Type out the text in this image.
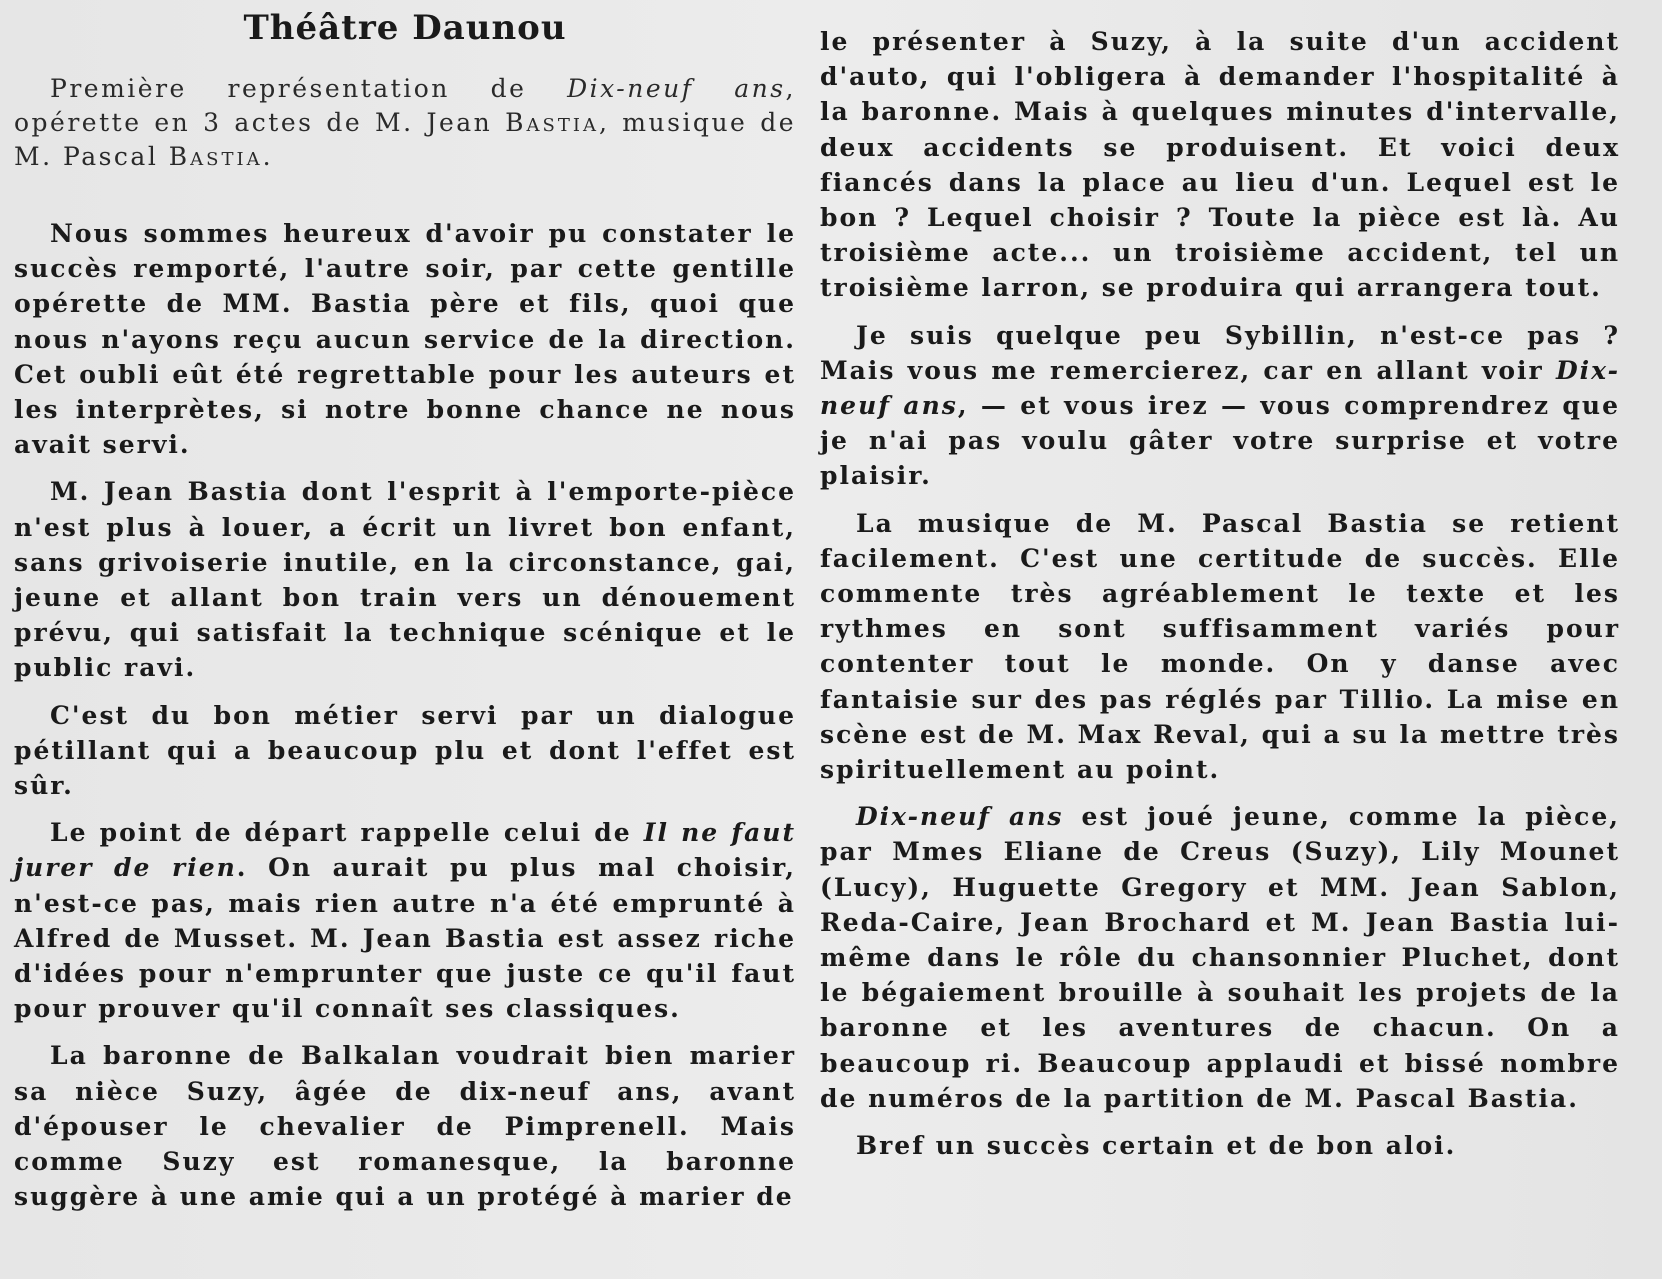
Théâtre Daunou

Première représentation de Dix-neuf ans, opérette en 3 actes de M. Jean Bastia, musique de M. Pascal Bastia.

Nous sommes heureux d'avoir pu constater le succès remporté, l'autre soir, par cette gentille opérette de MM. Bastia père et fils, quoi que nous n'ayons reçu aucun service de la direction. Cet oubli eût été regrettable pour les auteurs et les interprètes, si notre bonne chance ne nous avait servi.

M. Jean Bastia dont l'esprit à l'emporte-pièce n'est plus à louer, a écrit un livret bon enfant, sans grivoiserie inutile, en la circonstance, gai, jeune et allant bon train vers un dénouement prévu, qui satisfait la technique scénique et le public ravi.

C'est du bon métier servi par un dialogue pétillant qui a beaucoup plu et dont l'effet est sûr.

Le point de départ rappelle celui de Il ne faut jurer de rien. On aurait pu plus mal choisir, n'est-ce pas, mais rien autre n'a été emprunté à Alfred de Musset. M. Jean Bastia est assez riche d'idées pour n'emprunter que juste ce qu'il faut pour prouver qu'il connaît ses classiques.

La baronne de Balkalan voudrait bien marier sa nièce Suzy, âgée de dix-neuf ans, avant d'épouser le chevalier de Pimprenell. Mais comme Suzy est romanesque, la baronne suggère à une amie qui a un protégé à marier de

le présenter à Suzy, à la suite d'un accident d'auto, qui l'obligera à demander l'hospitalité à la baronne. Mais à quelques minutes d'intervalle, deux accidents se produisent. Et voici deux fiancés dans la place au lieu d'un. Lequel est le bon ? Lequel choisir ? Toute la pièce est là. Au troisième acte... un troisième accident, tel un troisième larron, se produira qui arrangera tout.

Je suis quelque peu Sybillin, n'est-ce pas ? Mais vous me remercierez, car en allant voir Dix-neuf ans, — et vous irez — vous comprendrez que je n'ai pas voulu gâter votre surprise et votre plaisir.

La musique de M. Pascal Bastia se retient facilement. C'est une certitude de succès. Elle commente très agréablement le texte et les rythmes en sont suffisamment variés pour contenter tout le monde. On y danse avec fantaisie sur des pas réglés par Tillio. La mise en scène est de M. Max Reval, qui a su la mettre très spirituellement au point.

Dix-neuf ans est joué jeune, comme la pièce, par Mmes Eliane de Creus (Suzy), Lily Mounet (Lucy), Huguette Gregory et MM. Jean Sablon, Reda-Caire, Jean Brochard et M. Jean Bastia lui-même dans le rôle du chansonnier Pluchet, dont le bégaiement brouille à souhait les projets de la baronne et les aventures de chacun. On a beaucoup ri. Beaucoup applaudi et bissé nombre de numéros de la partition de M. Pascal Bastia.

Bref un succès certain et de bon aloi.
